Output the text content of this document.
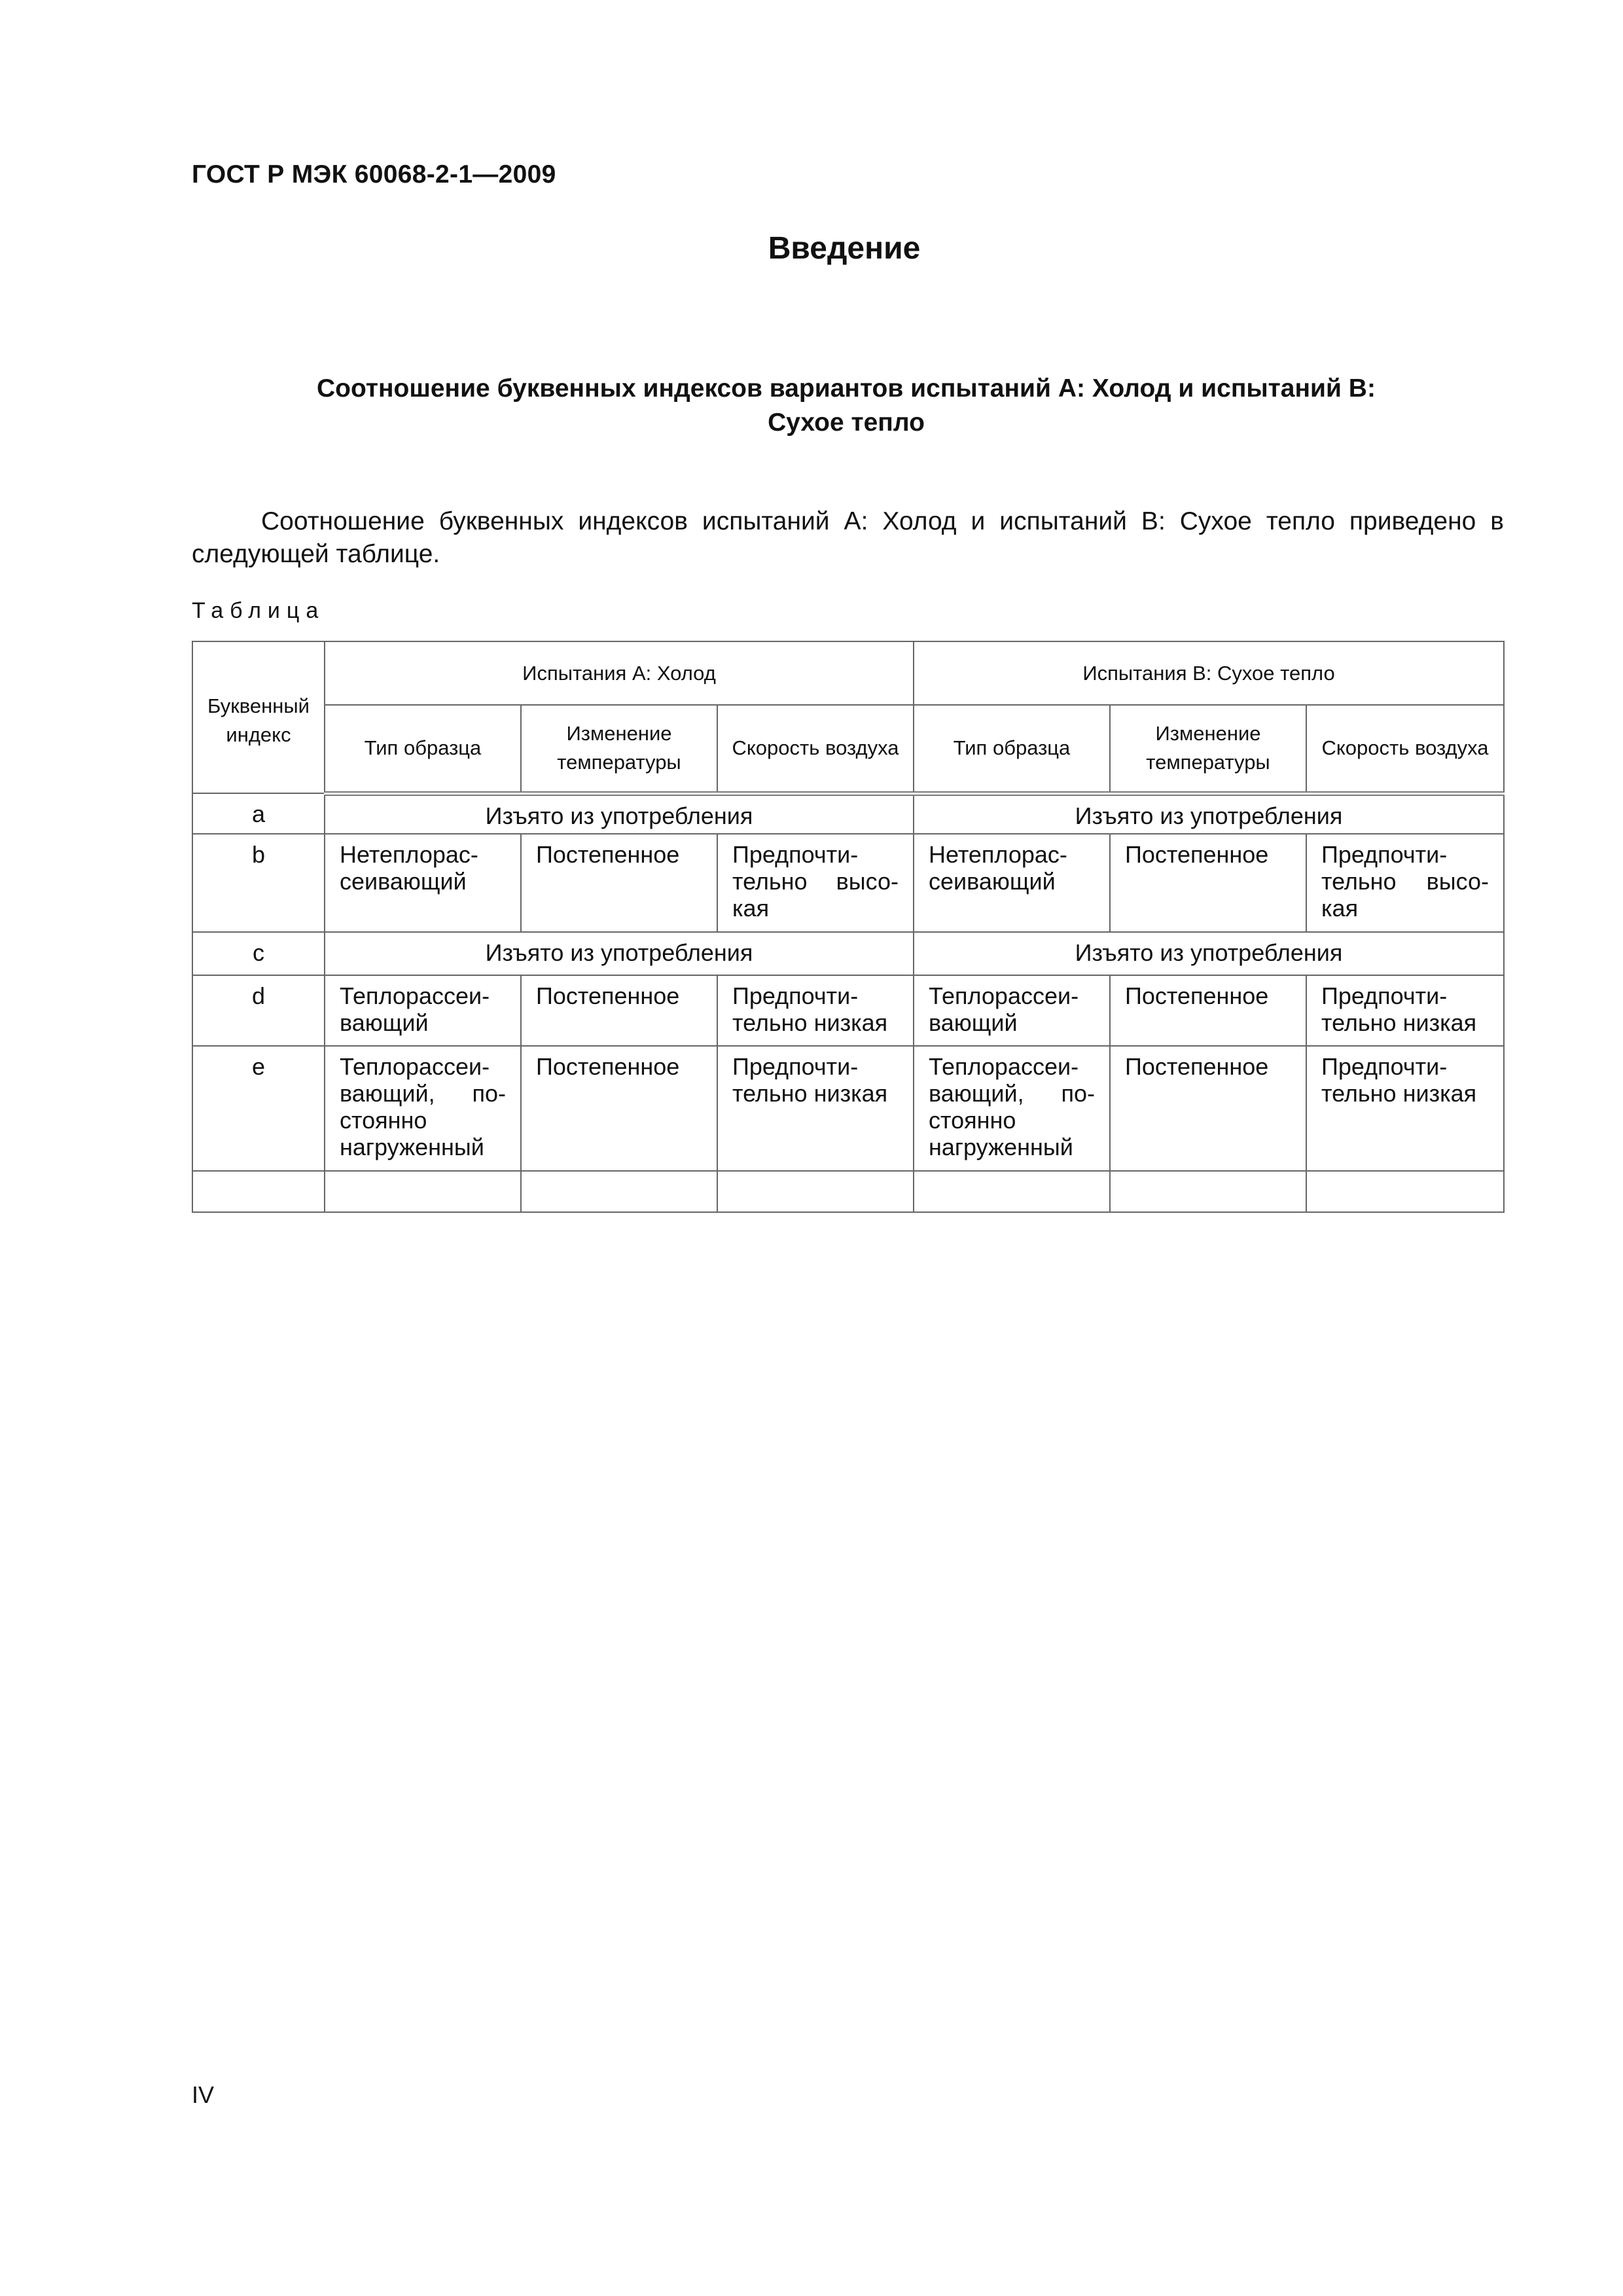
ГОСТ Р МЭК 60068-2-1—2009
Введение
Соотношение буквенных индексов вариантов испытаний A: Холод и испытаний B:
Сухое тепло
Соотношение буквенных индексов испытаний A: Холод и испытаний B: Сухое тепло приведено в следующей таблице.
Таблица
Буквенный индекс	Испытания A: Холод			Испытания B: Сухое тепло		
	Тип образца	Изменение температуры	Скорость воздуха	Тип образца	Изменение температуры	Скорость воздуха
a	Изъято из употребления			Изъято из употребления		
b	Нетеплорас-сеивающий	Постепенное	Предпочти-тельно высо-кая	Нетеплорас-сеивающий	Постепенное	Предпочти-тельно высо-кая
c	Изъято из употребления			Изъято из употребления		
d	Теплорассеи-вающий	Постепенное	Предпочти-тельно низкая	Теплорассеи-вающий	Постепенное	Предпочти-тельно низкая
e	Теплорассеи-вающий, по-стоянно нагруженный	Постепенное	Предпочти-тельно низкая	Теплорассеи-вающий, по-стоянно нагруженный	Постепенное	Предпочти-тельно низкая

IV
